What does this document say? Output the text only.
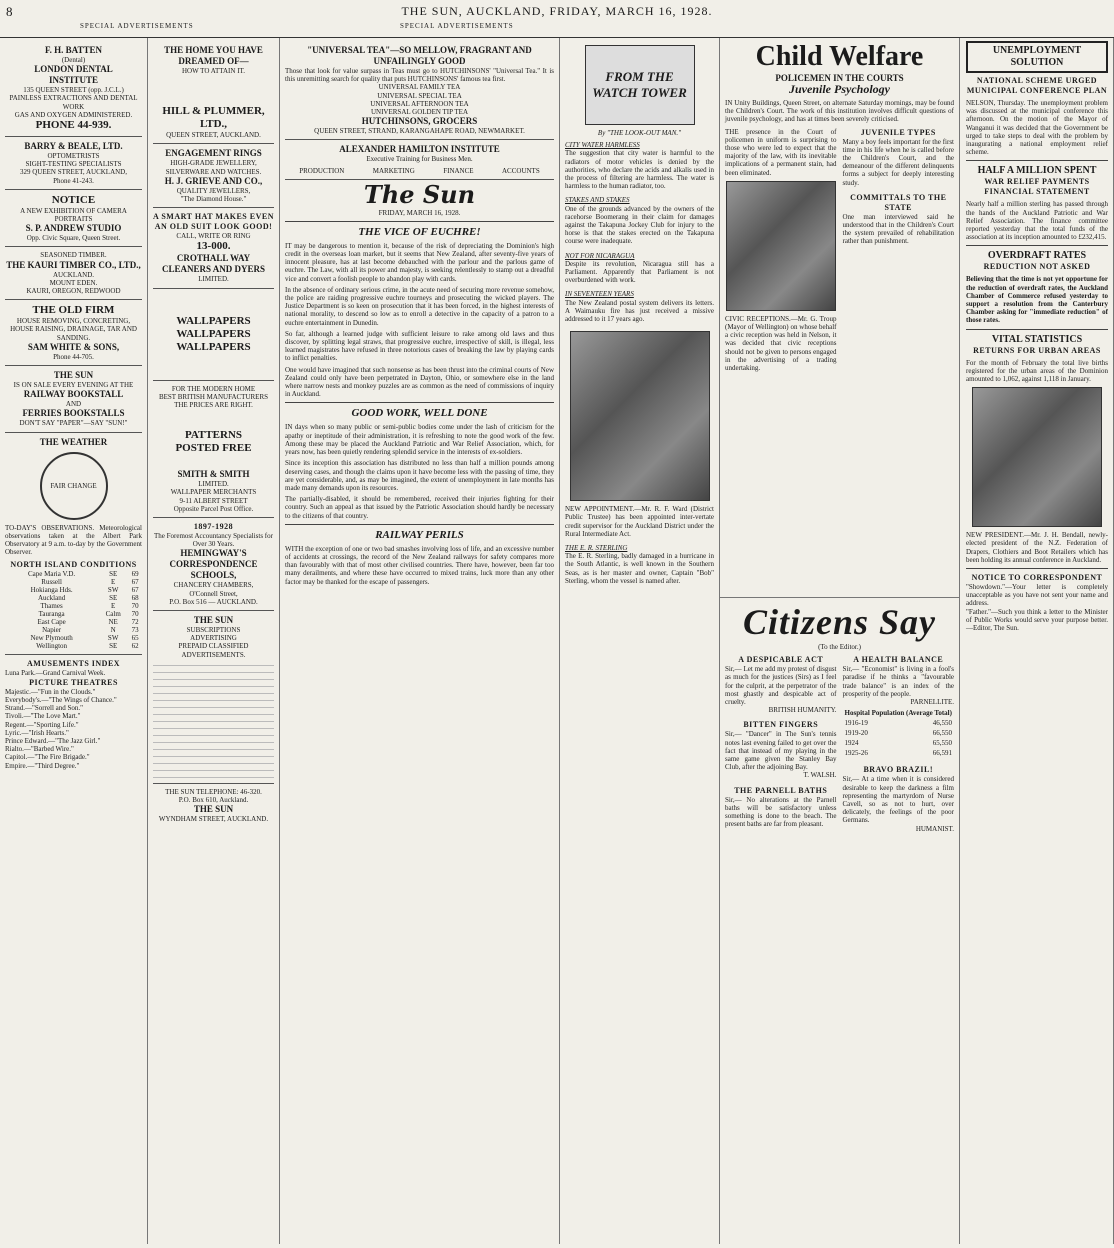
8	THE SUN, AUCKLAND, FRIDAY, MARCH 16, 1928.
SPECIAL ADVERTISEMENTS	SPECIAL ADVERTISEMENTS
F. H. BATTEN
(Dental)
LONDON DENTAL
INSTITUTE
135 QUEEN STREET (opp. J.C.L.)
PAINLESS EXTRACTIONS AND DENTAL WORK
GAS AND OXYGEN ADMINISTERED.
PHONE 44-939.
BARRY & BEALE, LTD.
OPTOMETRISTS
SIGHT-TESTING SPECIALISTS
329 QUEEN STREET, AUCKLAND,
Phone 41-243.
NOTICE
A NEW EXHIBITION OF CAMERA PORTRAITS
S. P. ANDREW STUDIO
Opp. Civic Square, Queen Street.
SEASONED TIMBER.
THE KAURI TIMBER CO., LTD.,
AUCKLAND.
MOUNT EDEN.
KAURI, OREGON, REDWOOD
THE OLD FIRM
HOUSE REMOVING, CONCRETING, HOUSE RAISING, DRAINAGE, TAR AND SANDING.
SAM WHITE & SONS,
Phone 44-705.
THE SUN
IS ON SALE EVERY EVENING AT THE
RAILWAY BOOKSTALL
AND
FERRIES BOOKSTALLS
DON'T SAY "PAPER"—SAY "SUN!"
THE WEATHER
FAIR CHANGE
TO-DAY'S OBSERVATIONS. Meteorological observations taken at the Albert Park Observatory at 9 a.m. to-day by the Government Observer.
NORTH ISLAND CONDITIONS
Cape Maria V.D.	SE	69
Russell	E	67
Hokianga Hds.	SW	67
Auckland	SE	68
Thames	E	70
Tauranga	Calm	70
East Cape	NE	72
Napier	N	73
New Plymouth	SW	65
Wellington	SE	62
AMUSEMENTS INDEX
Luna Park.—Grand Carnival Week.
PICTURE THEATRES
Majestic.—"Fun in the Clouds."
Everybody's.—"The Wings of Chance."
Strand.—"Sorrell and Son."
Tivoli.—"The Love Mart."
Regent.—"Sporting Life."
Lyric.—"Irish Hearts."
Prince Edward.—"The Jazz Girl."
Rialto.—"Barbed Wire."
Capitol.—"The Fire Brigade."
Empire.—"Third Degree."
THE HOME YOU HAVE DREAMED OF—
HOW TO ATTAIN IT.
HILL & PLUMMER, LTD.,
QUEEN STREET, AUCKLAND.
ENGAGEMENT RINGS
HIGH-GRADE JEWELLERY, SILVERWARE AND WATCHES.
H. J. GRIEVE AND CO.,
QUALITY JEWELLERS,
"The Diamond House."
A SMART HAT MAKES EVEN AN OLD SUIT LOOK GOOD!
CALL, WRITE OR RING
13-000.
CROTHALL WAY CLEANERS AND DYERS
LIMITED.
WALLPAPERS
WALLPAPERS
WALLPAPERS
FOR THE MODERN HOME
BEST BRITISH MANUFACTURERS
THE PRICES ARE RIGHT.
PATTERNS
POSTED FREE
SMITH & SMITH
LIMITED.
WALLPAPER MERCHANTS
9-11 ALBERT STREET
Opposite Parcel Post Office.
1897-1928
The Foremost Accountancy Specialists for Over 30 Years.
HEMINGWAY'S
CORRESPONDENCE
SCHOOLS,
CHANCERY CHAMBERS,
O'Connell Street,
P.O. Box 516 — AUCKLAND.
THE SUN
SUBSCRIPTIONS
ADVERTISING
PREPAID CLASSIFIED ADVERTISEMENTS.
THE SUN TELEPHONE: 46-320.
P.O. Box 610, Auckland.
THE SUN
WYNDHAM STREET, AUCKLAND.
"UNIVERSAL TEA"—SO MELLOW, FRAGRANT AND UNFAILINGLY GOOD
Those that look for value surpass in Teas must go to HUTCHINSONS' "Universal Tea." It is this unremitting search for quality that puts HUTCHINSONS' famous tea first.
UNIVERSAL FAMILY TEA
UNIVERSAL SPECIAL TEA
UNIVERSAL AFTERNOON TEA
UNIVERSAL GOLDEN TIP TEA
HUTCHINSONS, GROCERS
QUEEN STREET, STRAND, KARANGAHAPE ROAD, NEWMARKET.
ALEXANDER HAMILTON INSTITUTE
Executive Training for Business Men.
PRODUCTION	MARKETING	FINANCE	ACCOUNTS
The Sun
FRIDAY, MARCH 16, 1928.
THE VICE OF EUCHRE!
IT may be dangerous to mention it, because of the risk of depreciating the Dominion's high credit in the overseas loan market, but it seems that New Zealand, after seventy-five years of innocent pleasure, has at last become debauched with the parlour and the parlous game of euchre. The Law, with all its power and majesty, is seeking relentlessly to stamp out a dreadful vice and convert a foolish people to abandon play with cards.
In the absence of ordinary serious crime, in the acute need of securing more revenue somehow, the police are raiding progressive euchre tourneys and prosecuting the wicked players. The Justice Department is so keen on prosecution that it has been forced, in the highest interests of national morality, to descend so low as to enroll a detective in the capacity of a patron to a euchre entertainment in Dunedin.
So far, although a learned judge with sufficient leisure to rake among old laws and thus discover, by splitting legal straws, that progressive euchre, irrespective of skill, is illegal, less learned magistrates have refused in three notorious cases of breaking the law by playing cards to inflict penalties.
One would have imagined that such nonsense as has been thrust into the criminal courts of New Zealand could only have been perpetrated in Dayton, Ohio, or somewhere else in the land where narrow nests and monkey puzzles are as common as the need of commissions of inquiry in Auckland.
GOOD WORK, WELL DONE
IN days when so many public or semi-public bodies come under the lash of criticism for the apathy or ineptitude of their administration, it is refreshing to note the good work of the few. Among these may be placed the Auckland Patriotic and War Relief Association, which, for years now, has been quietly rendering splendid service in the interests of ex-soldiers.
Since its inception this association has distributed no less than half a million pounds among deserving cases, and though the claims upon it have become less with the passing of time, they are yet considerable, and, as may be imagined, the extent of unemployment in late months has made many demands upon its resources.
The partially-disabled, it should be remembered, received their injuries fighting for their country. Such an appeal as that issued by the Patriotic Association should hardly be necessary to the citizens of that country.
RAILWAY PERILS
WITH the exception of one or two bad smashes involving loss of life, and an excessive number of accidents at crossings, the record of the New Zealand railways for safety compares more than favourably with that of most other civilised countries. There have, however, been far too many derailments, and where these have occurred to mixed trains, luck more than any other factor may be thanked for the escape of passengers.
FROM THE
WATCH TOWER
By "THE LOOK-OUT MAN."
CITY WATER HARMLESS
The suggestion that city water is harmful to the radiators of motor vehicles is denied by the authorities, who declare the acids and alkalis used in the process of filtering are harmless. The water is harmless to the human radiator, too.
STAKES AND STAKES
One of the grounds advanced by the owners of the racehorse Boomerang in their claim for damages against the Takapuna Jockey Club for injury to the horse is that the stakes erected on the Takapuna course were inadequate.
NOT FOR NICARAGUA
Despite its revolution, Nicaragua still has a Parliament. Apparently that Parliament is not overburdened with work.
IN SEVENTEEN YEARS
The New Zealand postal system delivers its letters. A Waimauku fire has just received a missive addressed to it 17 years ago.
NEW APPOINTMENT.—Mr. R. F. Ward (District Public Trustee) has been appointed inter-vertate credit supervisor for the Auckland District under the Rural Intermediate Act.
THE E. R. STERLING
The E. R. Sterling, badly damaged in a hurricane in the South Atlantic, is well known in the Southern Seas, as is her master and owner, Captain "Bob" Sterling, whom the vessel is named after.
Child Welfare
POLICEMEN IN THE COURTS
Juvenile Psychology
IN Unity Buildings, Queen Street, on alternate Saturday mornings, may be found the Children's Court. The work of this institution involves difficult questions of juvenile psychology, and has at times been severely criticised.
THE presence in the Court of policemen in uniform is surprising to those who were led to expect that the majority of the law, with its inevitable implications of a permanent stain, had been eliminated.
CIVIC RECEPTIONS.—Mr. G. Troup (Mayor of Wellington) on whose behalf a civic reception was held in Nelson, it was decided that civic receptions should not be given to persons engaged in the advertising of a trading undertaking.
JUVENILE TYPES
Many a boy feels important for the first time in his life when he is called before the Children's Court, and the demeanour of the different delinquents forms a subject for deeply interesting study.
COMMITTALS TO THE STATE
One man interviewed said he understood that in the Children's Court the system prevailed of rehabilitation rather than punishment.
Citizens Say
(To the Editor.)
A DESPICABLE ACT
Sir,— Let me add my protest of disgust as much for the justices (Sirs) as I feel for the culprit, at the perpetrator of the most ghastly and despicable act of cruelty.
BRITISH HUMANITY.
BITTEN FINGERS
Sir,— "Dancer" in The Sun's tennis notes last evening failed to get over the fact that instead of my playing in the same game given the Stanley Bay Club, after the adjoining Bay.
T. WALSH.
THE PARNELL BATHS
Sir,— No alterations at the Parnell baths will be satisfactory unless something is done to the beach. The present baths are far from pleasant.
A HEALTH BALANCE
Sir,— "Economist" is living in a fool's paradise if he thinks a "favourable trade balance" is an index of the prosperity of the people.
PARNELLITE.
Hospital Population (Average Total)
1916-19	46,550
1919-20	66,550
1924	65,550
1925-26	66,591
BRAVO BRAZIL!
Sir,— At a time when it is considered desirable to keep the darkness a film representing the martyrdom of Nurse Cavell, so as not to hurt, over delicately, the feelings of the poor Germans.
HUMANIST.
UNEMPLOYMENT SOLUTION
NATIONAL SCHEME URGED
MUNICIPAL CONFERENCE PLAN
NELSON, Thursday. The unemployment problem was discussed at the municipal conference this afternoon. On the motion of the Mayor of Wanganui it was decided that the Government be urged to take steps to deal with the problem by inaugurating a national employment relief scheme.
HALF A MILLION SPENT
WAR RELIEF PAYMENTS
FINANCIAL STATEMENT
Nearly half a million sterling has passed through the hands of the Auckland Patriotic and War Relief Association. The finance committee reported yesterday that the total funds of the association at its inception amounted to £232,415.
OVERDRAFT RATES
REDUCTION NOT ASKED
Believing that the time is not yet opportune for the reduction of overdraft rates, the Auckland Chamber of Commerce refused yesterday to support a resolution from the Canterbury Chamber asking for "immediate reduction" of those rates.
VITAL STATISTICS
RETURNS FOR URBAN AREAS
For the month of February the total live births registered for the urban areas of the Dominion amounted to 1,062, against 1,118 in January.
NEW PRESIDENT.—Mr. J. H. Bendall, newly-elected president of the N.Z. Federation of Drapers, Clothiers and Boot Retailers which has been holding its annual conference in Auckland.
NOTICE TO CORRESPONDENT
"Showdown."—Your letter is completely unacceptable as you have not sent your name and address.
"Father."—Such you think a letter to the Minister of Public Works would serve your purpose better.—Editor, The Sun.
